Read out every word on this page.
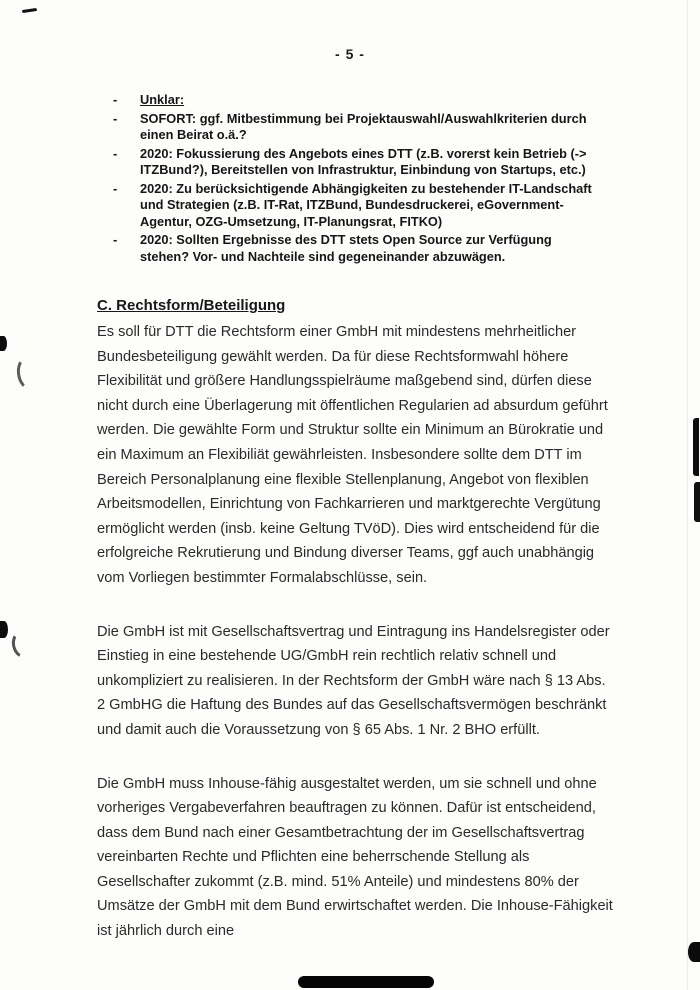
- 5 -
-	Unklar:
-	SOFORT: ggf. Mitbestimmung bei Projektauswahl/Auswahlkriterien durch einen Beirat o.ä.?
-	2020: Fokussierung des Angebots eines DTT (z.B. vorerst kein Betrieb (-> ITZBund?), Bereitstellen von Infrastruktur, Einbindung von Startups, etc.)
-	2020: Zu berücksichtigende Abhängigkeiten zu bestehender IT-Landschaft und Strategien (z.B. IT-Rat, ITZBund, Bundesdruckerei, eGovernment-Agentur, OZG-Umsetzung, IT-Planungsrat, FITKO)
-	2020: Sollten Ergebnisse des DTT stets Open Source zur Verfügung stehen? Vor- und Nachteile sind gegeneinander abzuwägen.
C. Rechtsform/Beteiligung

Es soll für DTT die Rechtsform einer GmbH mit mindestens mehrheitlicher Bundesbeteiligung gewählt werden. Da für diese Rechtsformwahl höhere Flexibilität und größere Handlungsspielräume maßgebend sind, dürfen diese nicht durch eine Überlagerung mit öffentlichen Regularien ad absurdum geführt werden. Die gewählte Form und Struktur sollte ein Minimum an Bürokratie und ein Maximum an Flexibiliät gewährleisten. Insbesondere sollte dem DTT im Bereich Personalplanung eine flexible Stellenplanung, Angebot von flexiblen Arbeitsmodellen, Einrichtung von Fachkarrieren und marktgerechte Vergütung ermöglicht werden (insb. keine Geltung TVöD). Dies wird entscheidend für die erfolgreiche Rekrutierung und Bindung diverser Teams, ggf auch unabhängig vom Vorliegen bestimmter Formalabschlüsse, sein.

Die GmbH ist mit Gesellschaftsvertrag und Eintragung ins Handelsregister oder Einstieg in eine bestehende UG/GmbH rein rechtlich relativ schnell und unkompliziert zu realisieren. In der Rechtsform der GmbH wäre nach § 13 Abs. 2 GmbHG die Haftung des Bundes auf das Gesellschaftsvermögen beschränkt und damit auch die Voraussetzung von § 65 Abs. 1 Nr. 2 BHO erfüllt.

Die GmbH muss Inhouse-fähig ausgestaltet werden, um sie schnell und ohne vorheriges Vergabeverfahren beauftragen zu können. Dafür ist entscheidend, dass dem Bund nach einer Gesamtbetrachtung der im Gesellschaftsvertrag vereinbarten Rechte und Pflichten eine beherrschende Stellung als Gesellschafter zukommt (z.B. mind. 51% Anteile) und mindestens 80% der Umsätze der GmbH mit dem Bund erwirtschaftet werden. Die Inhouse-Fähigkeit ist jährlich durch eine
